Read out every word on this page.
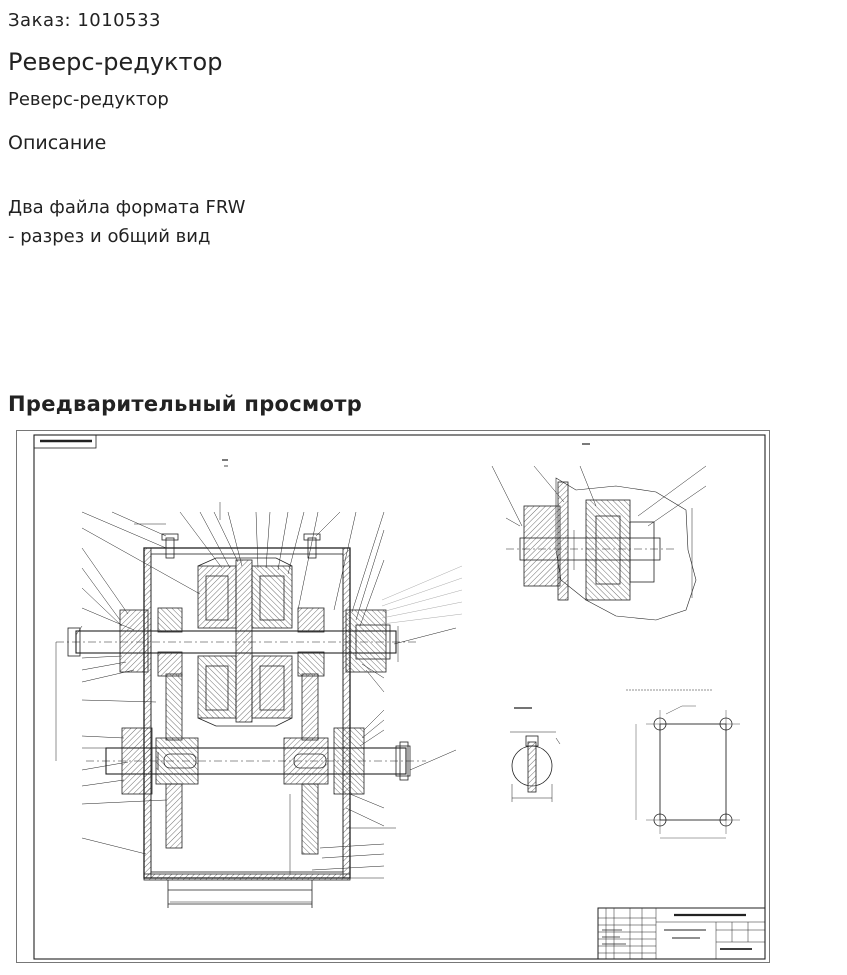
Заказ: 1010533
Реверс-редуктор
Реверс-редуктор
Описание
Два файла формата FRW
- разрез и общий вид
Предварительный просмотр
